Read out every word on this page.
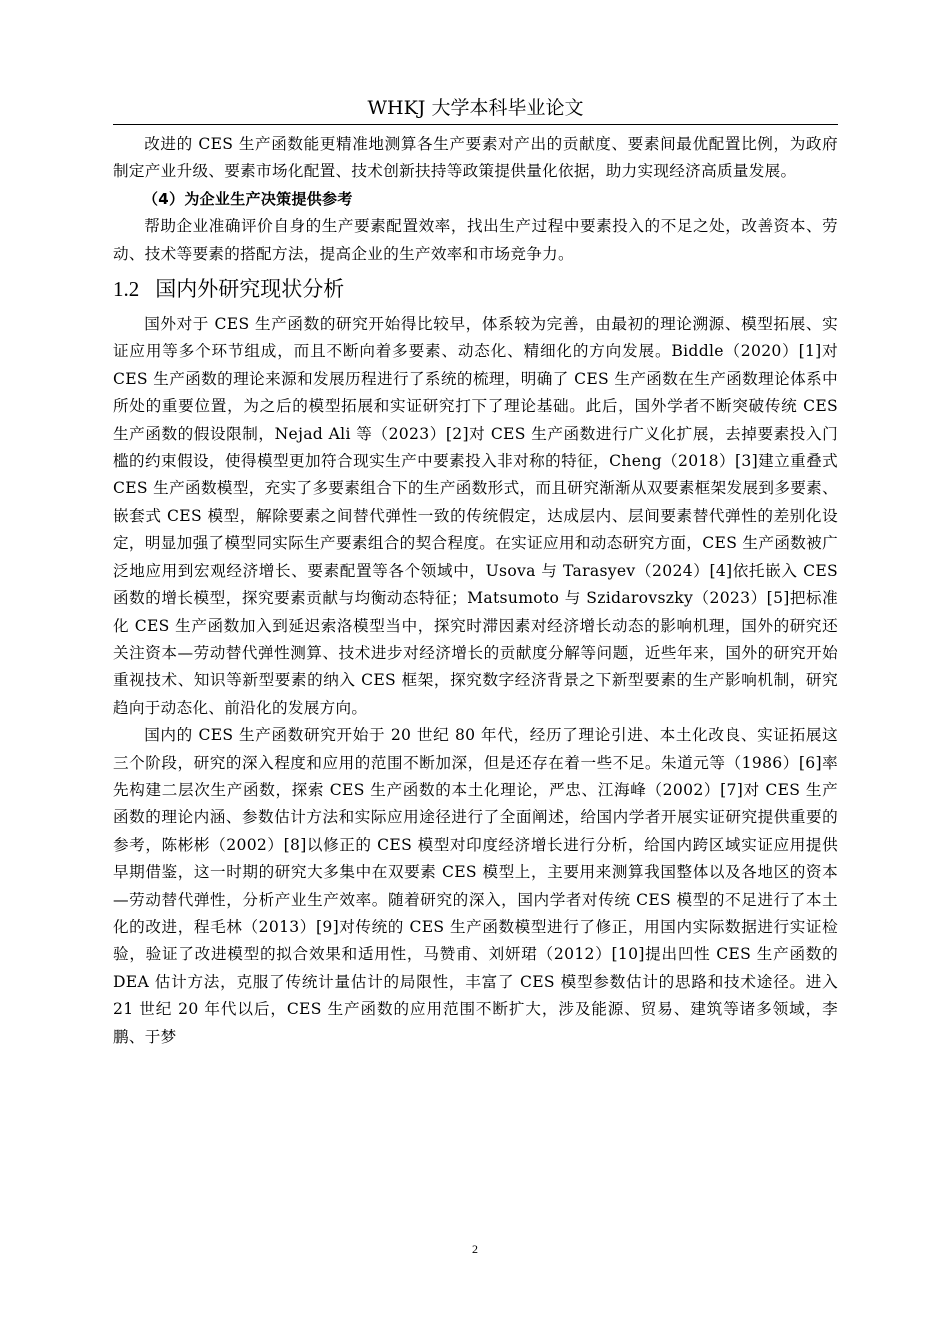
WHKJ 大学本科毕业论文

改进的 CES 生产函数能更精准地测算各生产要素对产出的贡献度、要素间最优配置比例，为政府制定产业升级、要素市场化配置、技术创新扶持等政策提供量化依据，助力实现经济高质量发展。

（4）为企业生产决策提供参考

帮助企业准确评价自身的生产要素配置效率，找出生产过程中要素投入的不足之处，改善资本、劳动、技术等要素的搭配方法，提高企业的生产效率和市场竞争力。

1.2 国内外研究现状分析

国外对于 CES 生产函数的研究开始得比较早，体系较为完善，由最初的理论溯源、模型拓展、实证应用等多个环节组成，而且不断向着多要素、动态化、精细化的方向发展。Biddle（2020）[1]对 CES 生产函数的理论来源和发展历程进行了系统的梳理，明确了 CES 生产函数在生产函数理论体系中所处的重要位置，为之后的模型拓展和实证研究打下了理论基础。此后，国外学者不断突破传统 CES 生产函数的假设限制，Nejad Ali 等（2023）[2]对 CES 生产函数进行广义化扩展，去掉要素投入门槛的约束假设，使得模型更加符合现实生产中要素投入非对称的特征，Cheng（2018）[3]建立重叠式 CES 生产函数模型，充实了多要素组合下的生产函数形式，而且研究渐渐从双要素框架发展到多要素、嵌套式 CES 模型，解除要素之间替代弹性一致的传统假定，达成层内、层间要素替代弹性的差别化设定，明显加强了模型同实际生产要素组合的契合程度。在实证应用和动态研究方面，CES 生产函数被广泛地应用到宏观经济增长、要素配置等各个领域中，Usova 与 Tarasyev（2024）[4]依托嵌入 CES 函数的增长模型，探究要素贡献与均衡动态特征；Matsumoto 与 Szidarovszky（2023）[5]把标准化 CES 生产函数加入到延迟索洛模型当中，探究时滞因素对经济增长动态的影响机理，国外的研究还关注资本—劳动替代弹性测算、技术进步对经济增长的贡献度分解等问题，近些年来，国外的研究开始重视技术、知识等新型要素的纳入 CES 框架，探究数字经济背景之下新型要素的生产影响机制，研究趋向于动态化、前沿化的发展方向。

国内的 CES 生产函数研究开始于 20 世纪 80 年代，经历了理论引进、本土化改良、实证拓展这三个阶段，研究的深入程度和应用的范围不断加深，但是还存在着一些不足。朱道元等（1986）[6]率先构建二层次生产函数，探索 CES 生产函数的本土化理论，严忠、江海峰（2002）[7]对 CES 生产函数的理论内涵、参数估计方法和实际应用途径进行了全面阐述，给国内学者开展实证研究提供重要的参考，陈彬彬（2002）[8]以修正的 CES 模型对印度经济增长进行分析，给国内跨区域实证应用提供早期借鉴，这一时期的研究大多集中在双要素 CES 模型上，主要用来测算我国整体以及各地区的资本—劳动替代弹性，分析产业生产效率。随着研究的深入，国内学者对传统 CES 模型的不足进行了本土化的改进，程毛林（2013）[9]对传统的 CES 生产函数模型进行了修正，用国内实际数据进行实证检验，验证了改进模型的拟合效果和适用性，马赞甫、刘妍珺（2012）[10]提出凹性 CES 生产函数的 DEA 估计方法，克服了传统计量估计的局限性，丰富了 CES 模型参数估计的思路和技术途径。进入 21 世纪 20 年代以后，CES 生产函数的应用范围不断扩大，涉及能源、贸易、建筑等诸多领域，李鹏、于梦

2
